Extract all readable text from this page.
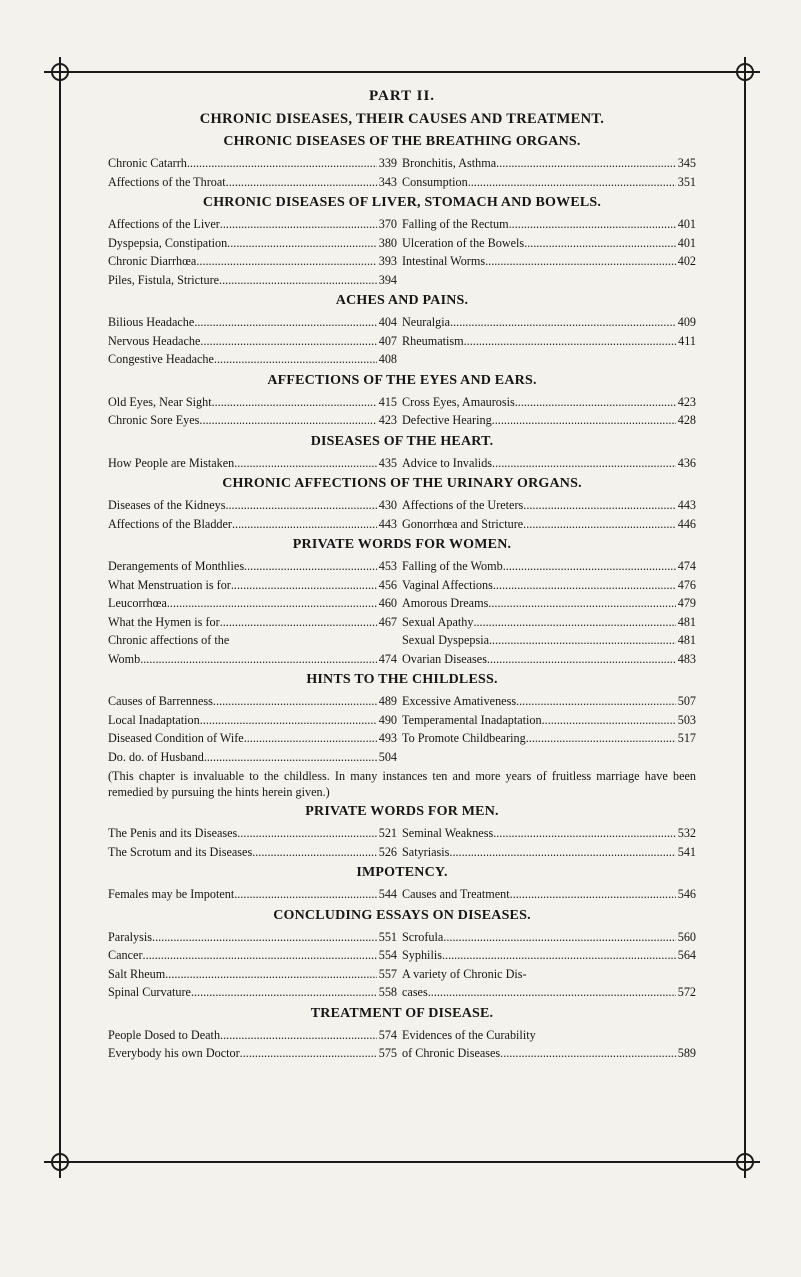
PART II.

CHRONIC DISEASES, THEIR CAUSES AND TREATMENT.

CHRONIC DISEASES OF THE BREATHING ORGANS.
Chronic Catarrh .....	339 Bronchitis, Asthma .....	345
Affections of the Throat .....	343 Consumption .....	351
CHRONIC DISEASES OF LIVER, STOMACH AND BOWELS.
Affections of the Liver .....	370 Falling of the Rectum .....	401
Dyspepsia, Constipation .....	380 Ulceration of the Bowels .....	401
Chronic Diarrhœa .....	393 Intestinal Worms .....	402
Piles, Fistula, Stricture .....	394
ACHES AND PAINS.
Bilious Headache .....	404 Neuralgia .....	409
Nervous Headache .....	407 Rheumatism .....	411
Congestive Headache .....	408
AFFECTIONS OF THE EYES AND EARS.
Old Eyes, Near Sight .....	415 Cross Eyes, Amaurosis .....	423
Chronic Sore Eyes .....	423 Defective Hearing .....	428
DISEASES OF THE HEART.
How People are Mistaken .....	435 Advice to Invalids .....	436
CHRONIC AFFECTIONS OF THE URINARY ORGANS.
Diseases of the Kidneys .....	430 Affections of the Ureters .....	443
Affections of the Bladder .....	443 Gonorrhœa and Stricture .....	446
PRIVATE WORDS FOR WOMEN.
Derangements of Monthlies. .....	453 Falling of the Womb .....	474
What Menstruation is for .....	456 Vaginal Affections .....	476
Leucorrhœa .....	460 Amorous Dreams .....	479
What the Hymen is for .....	467 Sexual Apathy .....	481
Chronic affections of the	Sexual Dyspepsia .....	481
Womb .....	474 Ovarian Diseases .....	483
HINTS TO THE CHILDLESS.
Causes of Barrenness .....	489 Excessive Amativeness .....	507
Local Inadaptation .....	490 Temperamental Inadaptation .....	503
Diseased Condition of Wife. .....	493 To Promote Childbearing .....	517
Do. do. of Husband .....	504
(This chapter is invaluable to the childless. In many instances ten and more years of fruitless marriage have been remedied by pursuing the hints herein given.)
PRIVATE WORDS FOR MEN.
The Penis and its Diseases. .....	521 Seminal Weakness .....	532
The Scrotum and its Diseases .....	526 Satyriasis .....	541
IMPOTENCY.
Females may be Impotent .....	544 Causes and Treatment .....	546
CONCLUDING ESSAYS ON DISEASES.
Paralysis .....	551 Scrofula .....	560
Cancer .....	554 Syphilis .....	564
Salt Rheum .....	557 A variety of Chronic Dis-
Spinal Curvature .....	558 cases .....	572
TREATMENT OF DISEASE.
People Dosed to Death .....	574 Evidences of the Curability
Everybody his own Doctor .....	575 of Chronic Diseases .....	589
